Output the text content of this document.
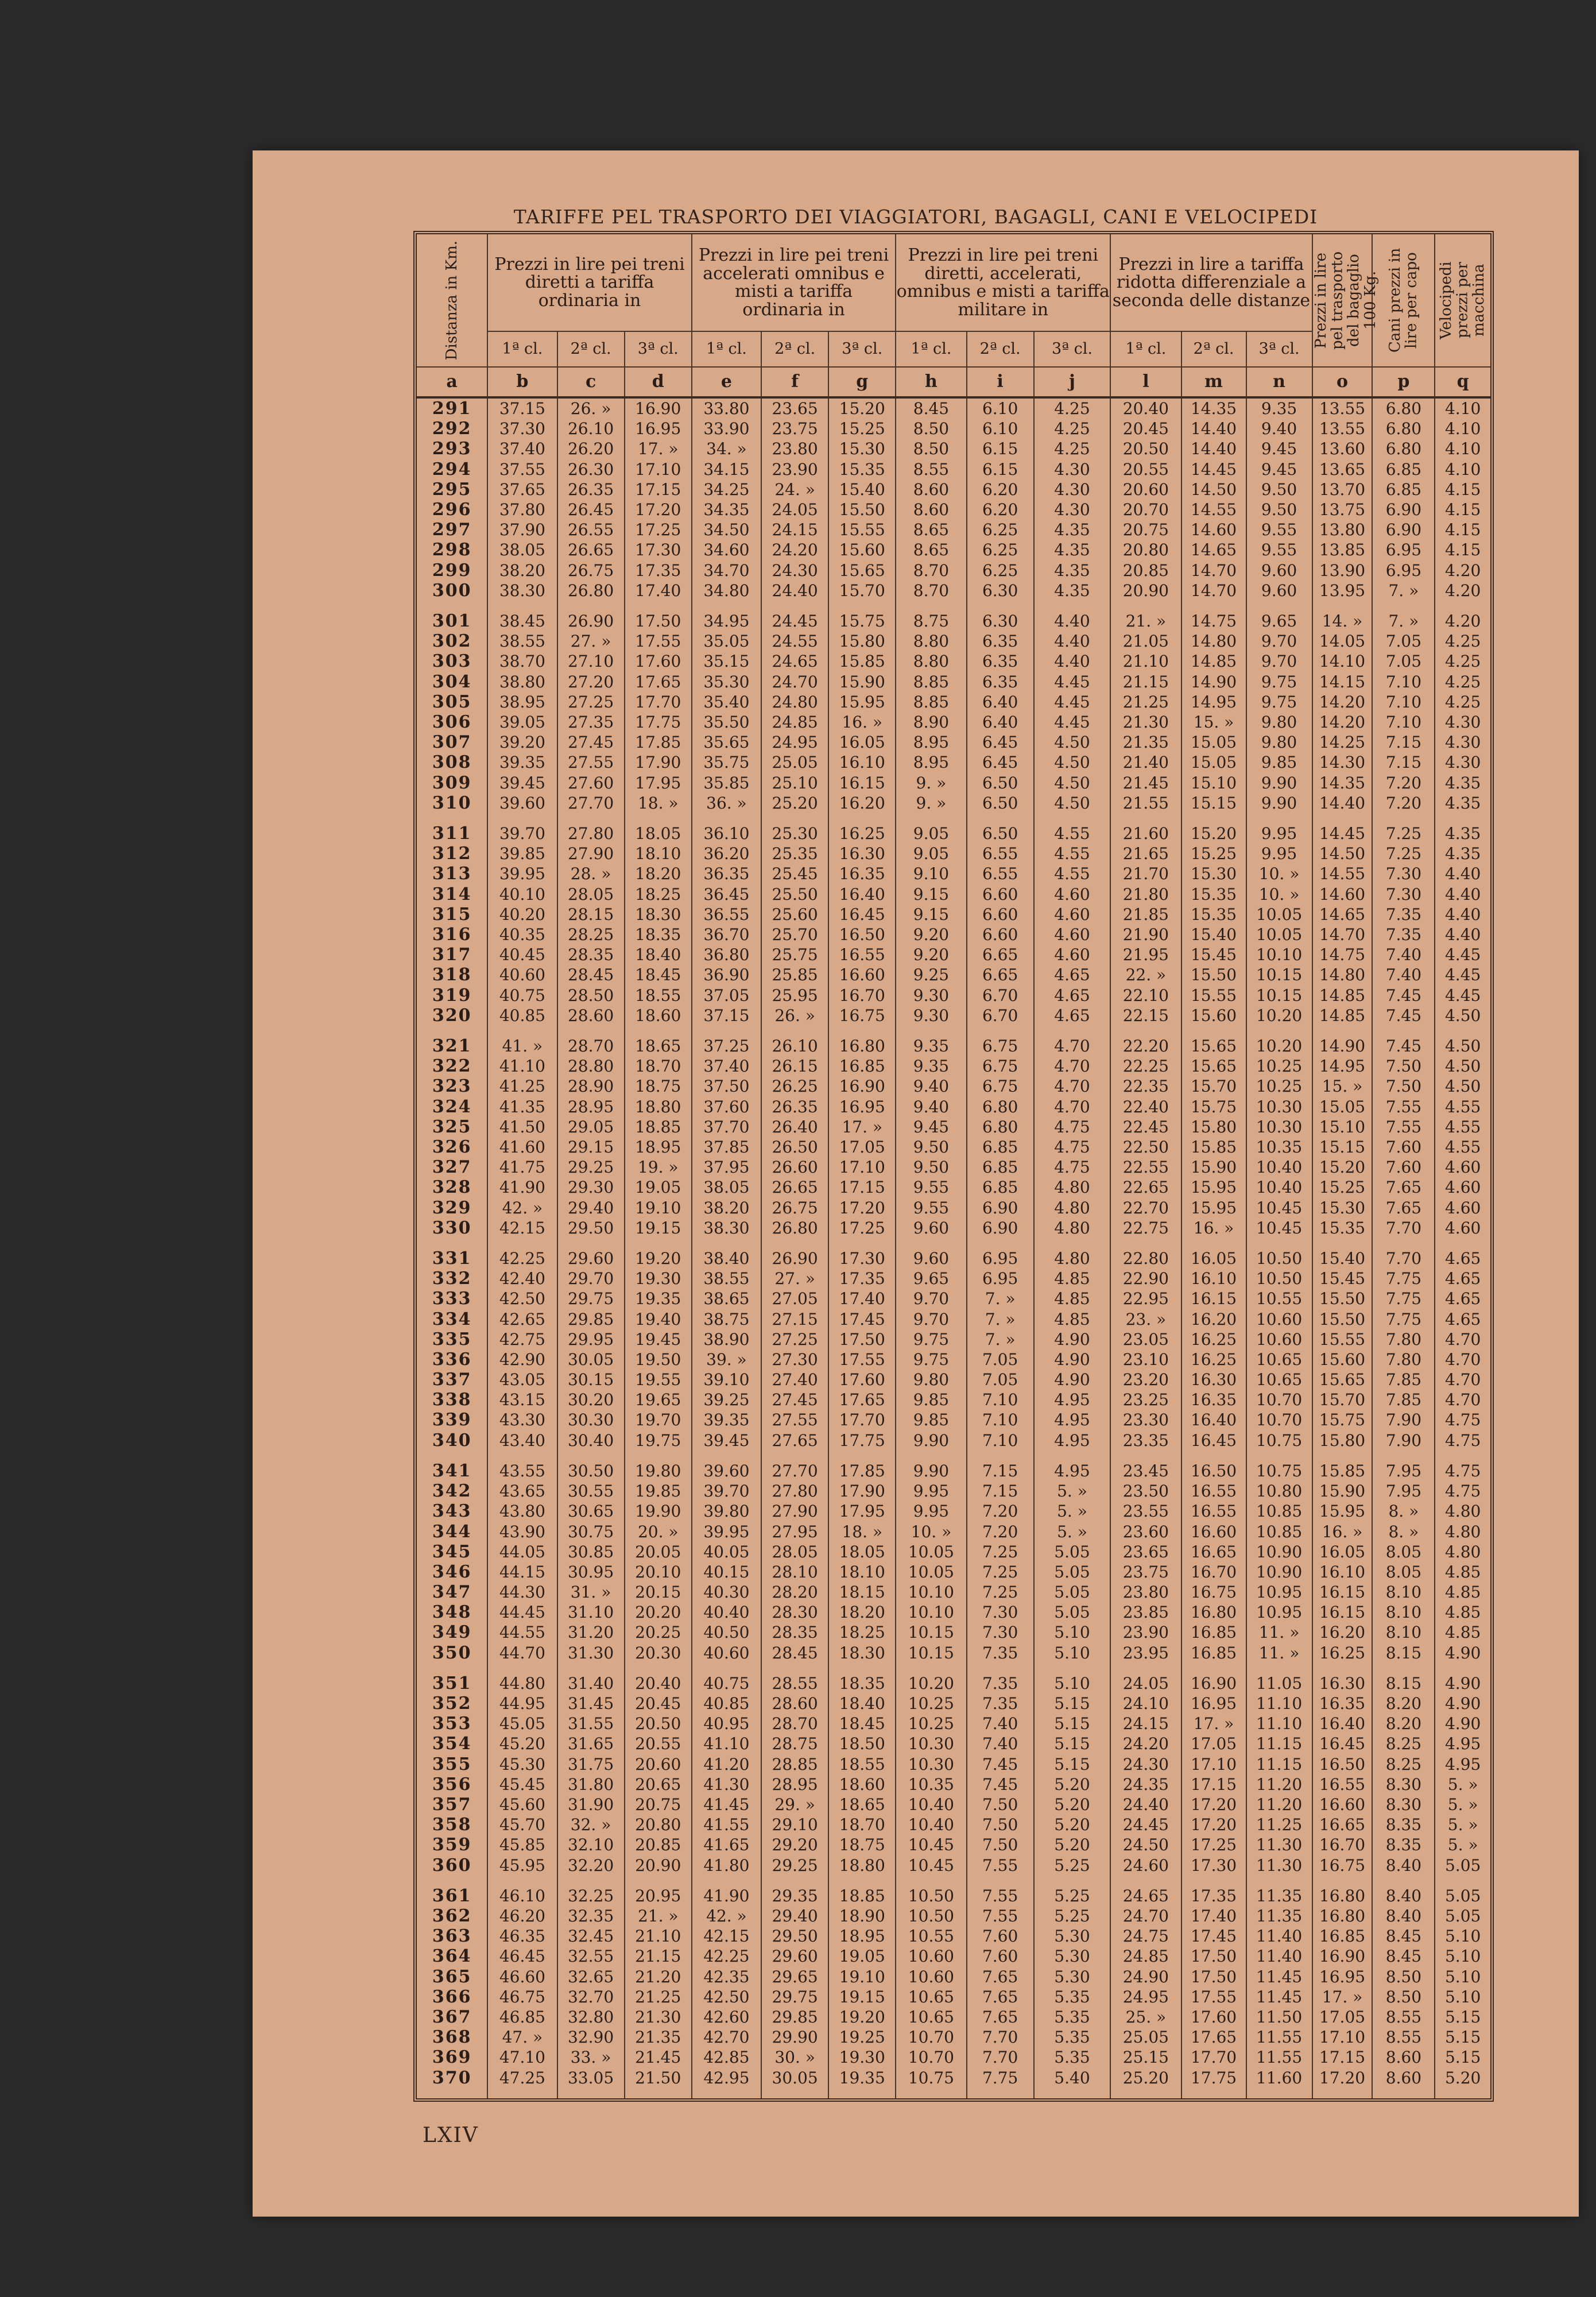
TARIFFE PEL TRASPORTO DEI VIAGGIATORI, BAGAGLI, CANI E VELOCIPEDI
Distanza in Km.	Prezzi in lire pei treni diretti a tariffa ordinaria in			Prezzi in lire pei treni accelerati omnibus e misti a tariffa ordinaria in			Prezzi in lire pei treni diretti, accelerati, omnibus e misti a tariffa militare in			Prezzi in lire a tariffa ridotta differenziale a seconda delle distanze			Prezzi in lire pel trasporto del bagaglio 100 Kg.	Cani prezzi in lire per capo	Velocipedi prezzi per macchina

	1ª cl.	2ª cl.	3ª cl.	1ª cl.	2ª cl.	3ª cl.	1ª cl.	2ª cl.	3ª cl.	1ª cl.	2ª cl.	3ª cl.			
a	b	c	d	e	f	g	h	i	j	l	m	n	o	p	q
291	37.15	26. »	16.90	33.80	23.65	15.20	8.45	6.10	4.25	20.40	14.35	9.35	13.55	6.80	4.10
292	37.30	26.10	16.95	33.90	23.75	15.25	8.50	6.10	4.25	20.45	14.40	9.40	13.55	6.80	4.10
293	37.40	26.20	17. »	34. »	23.80	15.30	8.50	6.15	4.25	20.50	14.40	9.45	13.60	6.80	4.10
294	37.55	26.30	17.10	34.15	23.90	15.35	8.55	6.15	4.30	20.55	14.45	9.45	13.65	6.85	4.10
295	37.65	26.35	17.15	34.25	24. »	15.40	8.60	6.20	4.30	20.60	14.50	9.50	13.70	6.85	4.15
296	37.80	26.45	17.20	34.35	24.05	15.50	8.60	6.20	4.30	20.70	14.55	9.50	13.75	6.90	4.15
297	37.90	26.55	17.25	34.50	24.15	15.55	8.65	6.25	4.35	20.75	14.60	9.55	13.80	6.90	4.15
298	38.05	26.65	17.30	34.60	24.20	15.60	8.65	6.25	4.35	20.80	14.65	9.55	13.85	6.95	4.15
299	38.20	26.75	17.35	34.70	24.30	15.65	8.70	6.25	4.35	20.85	14.70	9.60	13.90	6.95	4.20
300	38.30	26.80	17.40	34.80	24.40	15.70	8.70	6.30	4.35	20.90	14.70	9.60	13.95	7. »	4.20
301	38.45	26.90	17.50	34.95	24.45	15.75	8.75	6.30	4.40	21. »	14.75	9.65	14. »	7. »	4.20
302	38.55	27. »	17.55	35.05	24.55	15.80	8.80	6.35	4.40	21.05	14.80	9.70	14.05	7.05	4.25
303	38.70	27.10	17.60	35.15	24.65	15.85	8.80	6.35	4.40	21.10	14.85	9.70	14.10	7.05	4.25
304	38.80	27.20	17.65	35.30	24.70	15.90	8.85	6.35	4.45	21.15	14.90	9.75	14.15	7.10	4.25
305	38.95	27.25	17.70	35.40	24.80	15.95	8.85	6.40	4.45	21.25	14.95	9.75	14.20	7.10	4.25
306	39.05	27.35	17.75	35.50	24.85	16. »	8.90	6.40	4.45	21.30	15. »	9.80	14.20	7.10	4.30
307	39.20	27.45	17.85	35.65	24.95	16.05	8.95	6.45	4.50	21.35	15.05	9.80	14.25	7.15	4.30
308	39.35	27.55	17.90	35.75	25.05	16.10	8.95	6.45	4.50	21.40	15.05	9.85	14.30	7.15	4.30
309	39.45	27.60	17.95	35.85	25.10	16.15	9. »	6.50	4.50	21.45	15.10	9.90	14.35	7.20	4.35
310	39.60	27.70	18. »	36. »	25.20	16.20	9. »	6.50	4.50	21.55	15.15	9.90	14.40	7.20	4.35
311	39.70	27.80	18.05	36.10	25.30	16.25	9.05	6.50	4.55	21.60	15.20	9.95	14.45	7.25	4.35
312	39.85	27.90	18.10	36.20	25.35	16.30	9.05	6.55	4.55	21.65	15.25	9.95	14.50	7.25	4.35
313	39.95	28. »	18.20	36.35	25.45	16.35	9.10	6.55	4.55	21.70	15.30	10. »	14.55	7.30	4.40
314	40.10	28.05	18.25	36.45	25.50	16.40	9.15	6.60	4.60	21.80	15.35	10. »	14.60	7.30	4.40
315	40.20	28.15	18.30	36.55	25.60	16.45	9.15	6.60	4.60	21.85	15.35	10.05	14.65	7.35	4.40
316	40.35	28.25	18.35	36.70	25.70	16.50	9.20	6.60	4.60	21.90	15.40	10.05	14.70	7.35	4.40
317	40.45	28.35	18.40	36.80	25.75	16.55	9.20	6.65	4.60	21.95	15.45	10.10	14.75	7.40	4.45
318	40.60	28.45	18.45	36.90	25.85	16.60	9.25	6.65	4.65	22. »	15.50	10.15	14.80	7.40	4.45
319	40.75	28.50	18.55	37.05	25.95	16.70	9.30	6.70	4.65	22.10	15.55	10.15	14.85	7.45	4.45
320	40.85	28.60	18.60	37.15	26. »	16.75	9.30	6.70	4.65	22.15	15.60	10.20	14.85	7.45	4.50
321	41. »	28.70	18.65	37.25	26.10	16.80	9.35	6.75	4.70	22.20	15.65	10.20	14.90	7.45	4.50
322	41.10	28.80	18.70	37.40	26.15	16.85	9.35	6.75	4.70	22.25	15.65	10.25	14.95	7.50	4.50
323	41.25	28.90	18.75	37.50	26.25	16.90	9.40	6.75	4.70	22.35	15.70	10.25	15. »	7.50	4.50
324	41.35	28.95	18.80	37.60	26.35	16.95	9.40	6.80	4.70	22.40	15.75	10.30	15.05	7.55	4.55
325	41.50	29.05	18.85	37.70	26.40	17. »	9.45	6.80	4.75	22.45	15.80	10.30	15.10	7.55	4.55
326	41.60	29.15	18.95	37.85	26.50	17.05	9.50	6.85	4.75	22.50	15.85	10.35	15.15	7.60	4.55
327	41.75	29.25	19. »	37.95	26.60	17.10	9.50	6.85	4.75	22.55	15.90	10.40	15.20	7.60	4.60
328	41.90	29.30	19.05	38.05	26.65	17.15	9.55	6.85	4.80	22.65	15.95	10.40	15.25	7.65	4.60
329	42. »	29.40	19.10	38.20	26.75	17.20	9.55	6.90	4.80	22.70	15.95	10.45	15.30	7.65	4.60
330	42.15	29.50	19.15	38.30	26.80	17.25	9.60	6.90	4.80	22.75	16. »	10.45	15.35	7.70	4.60
331	42.25	29.60	19.20	38.40	26.90	17.30	9.60	6.95	4.80	22.80	16.05	10.50	15.40	7.70	4.65
332	42.40	29.70	19.30	38.55	27. »	17.35	9.65	6.95	4.85	22.90	16.10	10.50	15.45	7.75	4.65
333	42.50	29.75	19.35	38.65	27.05	17.40	9.70	7. »	4.85	22.95	16.15	10.55	15.50	7.75	4.65
334	42.65	29.85	19.40	38.75	27.15	17.45	9.70	7. »	4.85	23. »	16.20	10.60	15.50	7.75	4.65
335	42.75	29.95	19.45	38.90	27.25	17.50	9.75	7. »	4.90	23.05	16.25	10.60	15.55	7.80	4.70
336	42.90	30.05	19.50	39. »	27.30	17.55	9.75	7.05	4.90	23.10	16.25	10.65	15.60	7.80	4.70
337	43.05	30.15	19.55	39.10	27.40	17.60	9.80	7.05	4.90	23.20	16.30	10.65	15.65	7.85	4.70
338	43.15	30.20	19.65	39.25	27.45	17.65	9.85	7.10	4.95	23.25	16.35	10.70	15.70	7.85	4.70
339	43.30	30.30	19.70	39.35	27.55	17.70	9.85	7.10	4.95	23.30	16.40	10.70	15.75	7.90	4.75
340	43.40	30.40	19.75	39.45	27.65	17.75	9.90	7.10	4.95	23.35	16.45	10.75	15.80	7.90	4.75
341	43.55	30.50	19.80	39.60	27.70	17.85	9.90	7.15	4.95	23.45	16.50	10.75	15.85	7.95	4.75
342	43.65	30.55	19.85	39.70	27.80	17.90	9.95	7.15	5. »	23.50	16.55	10.80	15.90	7.95	4.75
343	43.80	30.65	19.90	39.80	27.90	17.95	9.95	7.20	5. »	23.55	16.55	10.85	15.95	8. »	4.80
344	43.90	30.75	20. »	39.95	27.95	18. »	10. »	7.20	5. »	23.60	16.60	10.85	16. »	8. »	4.80
345	44.05	30.85	20.05	40.05	28.05	18.05	10.05	7.25	5.05	23.65	16.65	10.90	16.05	8.05	4.80
346	44.15	30.95	20.10	40.15	28.10	18.10	10.05	7.25	5.05	23.75	16.70	10.90	16.10	8.05	4.85
347	44.30	31. »	20.15	40.30	28.20	18.15	10.10	7.25	5.05	23.80	16.75	10.95	16.15	8.10	4.85
348	44.45	31.10	20.20	40.40	28.30	18.20	10.10	7.30	5.05	23.85	16.80	10.95	16.15	8.10	4.85
349	44.55	31.20	20.25	40.50	28.35	18.25	10.15	7.30	5.10	23.90	16.85	11. »	16.20	8.10	4.85
350	44.70	31.30	20.30	40.60	28.45	18.30	10.15	7.35	5.10	23.95	16.85	11. »	16.25	8.15	4.90
351	44.80	31.40	20.40	40.75	28.55	18.35	10.20	7.35	5.10	24.05	16.90	11.05	16.30	8.15	4.90
352	44.95	31.45	20.45	40.85	28.60	18.40	10.25	7.35	5.15	24.10	16.95	11.10	16.35	8.20	4.90
353	45.05	31.55	20.50	40.95	28.70	18.45	10.25	7.40	5.15	24.15	17. »	11.10	16.40	8.20	4.90
354	45.20	31.65	20.55	41.10	28.75	18.50	10.30	7.40	5.15	24.20	17.05	11.15	16.45	8.25	4.95
355	45.30	31.75	20.60	41.20	28.85	18.55	10.30	7.45	5.15	24.30	17.10	11.15	16.50	8.25	4.95
356	45.45	31.80	20.65	41.30	28.95	18.60	10.35	7.45	5.20	24.35	17.15	11.20	16.55	8.30	5. »
357	45.60	31.90	20.75	41.45	29. »	18.65	10.40	7.50	5.20	24.40	17.20	11.20	16.60	8.30	5. »
358	45.70	32. »	20.80	41.55	29.10	18.70	10.40	7.50	5.20	24.45	17.20	11.25	16.65	8.35	5. »
359	45.85	32.10	20.85	41.65	29.20	18.75	10.45	7.50	5.20	24.50	17.25	11.30	16.70	8.35	5. »
360	45.95	32.20	20.90	41.80	29.25	18.80	10.45	7.55	5.25	24.60	17.30	11.30	16.75	8.40	5.05
361	46.10	32.25	20.95	41.90	29.35	18.85	10.50	7.55	5.25	24.65	17.35	11.35	16.80	8.40	5.05
362	46.20	32.35	21. »	42. »	29.40	18.90	10.50	7.55	5.25	24.70	17.40	11.35	16.80	8.40	5.05
363	46.35	32.45	21.10	42.15	29.50	18.95	10.55	7.60	5.30	24.75	17.45	11.40	16.85	8.45	5.10
364	46.45	32.55	21.15	42.25	29.60	19.05	10.60	7.60	5.30	24.85	17.50	11.40	16.90	8.45	5.10
365	46.60	32.65	21.20	42.35	29.65	19.10	10.60	7.65	5.30	24.90	17.50	11.45	16.95	8.50	5.10
366	46.75	32.70	21.25	42.50	29.75	19.15	10.65	7.65	5.35	24.95	17.55	11.45	17. »	8.50	5.10
367	46.85	32.80	21.30	42.60	29.85	19.20	10.65	7.65	5.35	25. »	17.60	11.50	17.05	8.55	5.15
368	47. »	32.90	21.35	42.70	29.90	19.25	10.70	7.70	5.35	25.05	17.65	11.55	17.10	8.55	5.15
369	47.10	33. »	21.45	42.85	30. »	19.30	10.70	7.70	5.35	25.15	17.70	11.55	17.15	8.60	5.15
370	47.25	33.05	21.50	42.95	30.05	19.35	10.75	7.75	5.40	25.20	17.75	11.60	17.20	8.60	5.20
LXIV
